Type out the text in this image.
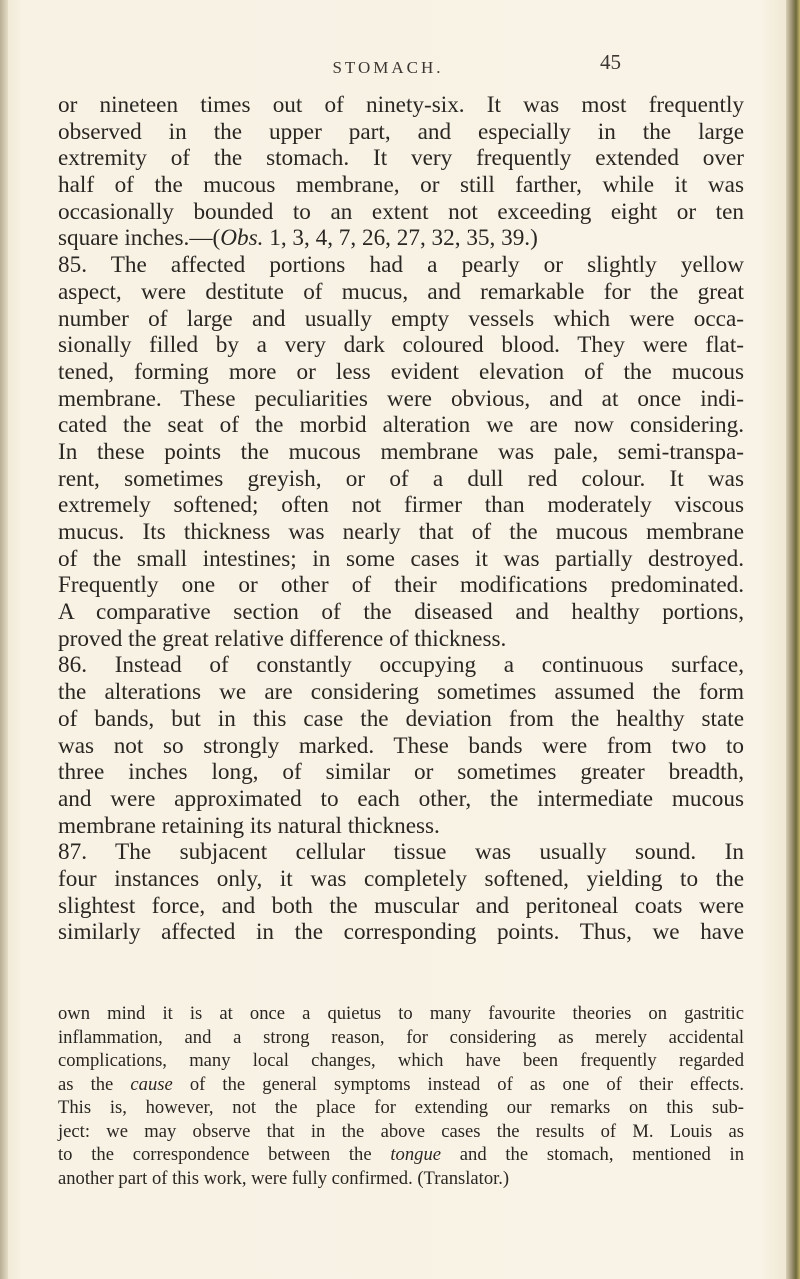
STOMACH.	45
or nineteen times out of ninety-six. It was most frequently
observed in the upper part, and especially in the large
extremity of the stomach. It very frequently extended over
half of the mucous membrane, or still farther, while it was
occasionally bounded to an extent not exceeding eight or ten
square inches.—(Obs. 1, 3, 4, 7, 26, 27, 32, 35, 39.)
85. The affected portions had a pearly or slightly yellow
aspect, were destitute of mucus, and remarkable for the great
number of large and usually empty vessels which were occa-
sionally filled by a very dark coloured blood. They were flat-
tened, forming more or less evident elevation of the mucous
membrane. These peculiarities were obvious, and at once indi-
cated the seat of the morbid alteration we are now considering.
In these points the mucous membrane was pale, semi-transpa-
rent, sometimes greyish, or of a dull red colour. It was
extremely softened; often not firmer than moderately viscous
mucus. Its thickness was nearly that of the mucous membrane
of the small intestines; in some cases it was partially destroyed.
Frequently one or other of their modifications predominated.
A comparative section of the diseased and healthy portions,
proved the great relative difference of thickness.
86. Instead of constantly occupying a continuous surface,
the alterations we are considering sometimes assumed the form
of bands, but in this case the deviation from the healthy state
was not so strongly marked. These bands were from two to
three inches long, of similar or sometimes greater breadth,
and were approximated to each other, the intermediate mucous
membrane retaining its natural thickness.
87. The subjacent cellular tissue was usually sound. In
four instances only, it was completely softened, yielding to the
slightest force, and both the muscular and peritoneal coats were
similarly affected in the corresponding points. Thus, we have
own mind it is at once a quietus to many favourite theories on gastritic
inflammation, and a strong reason, for considering as merely accidental
complications, many local changes, which have been frequently regarded
as the cause of the general symptoms instead of as one of their effects.
This is, however, not the place for extending our remarks on this sub-
ject: we may observe that in the above cases the results of M. Louis as
to the correspondence between the tongue and the stomach, mentioned in
another part of this work, were fully confirmed. (Translator.)
